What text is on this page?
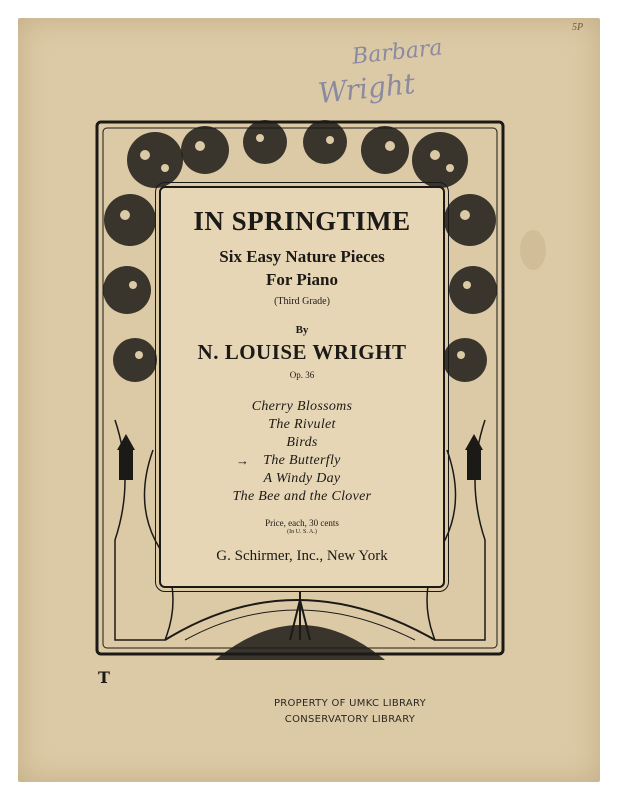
5P
Barbara
Wright
IN SPRINGTIME
Six Easy Nature Pieces
For Piano
(Third Grade)
By
N. LOUISE WRIGHT
Op. 36
Cherry Blossoms
The Rivulet
Birds
→ The Butterfly
A Windy Day
The Bee and the Clover
Price, each, 30 cents
(In U. S. A.)
G. Schirmer, Inc., New York
T
PROPERTY OF UMKC LIBRARY
CONSERVATORY LIBRARY
